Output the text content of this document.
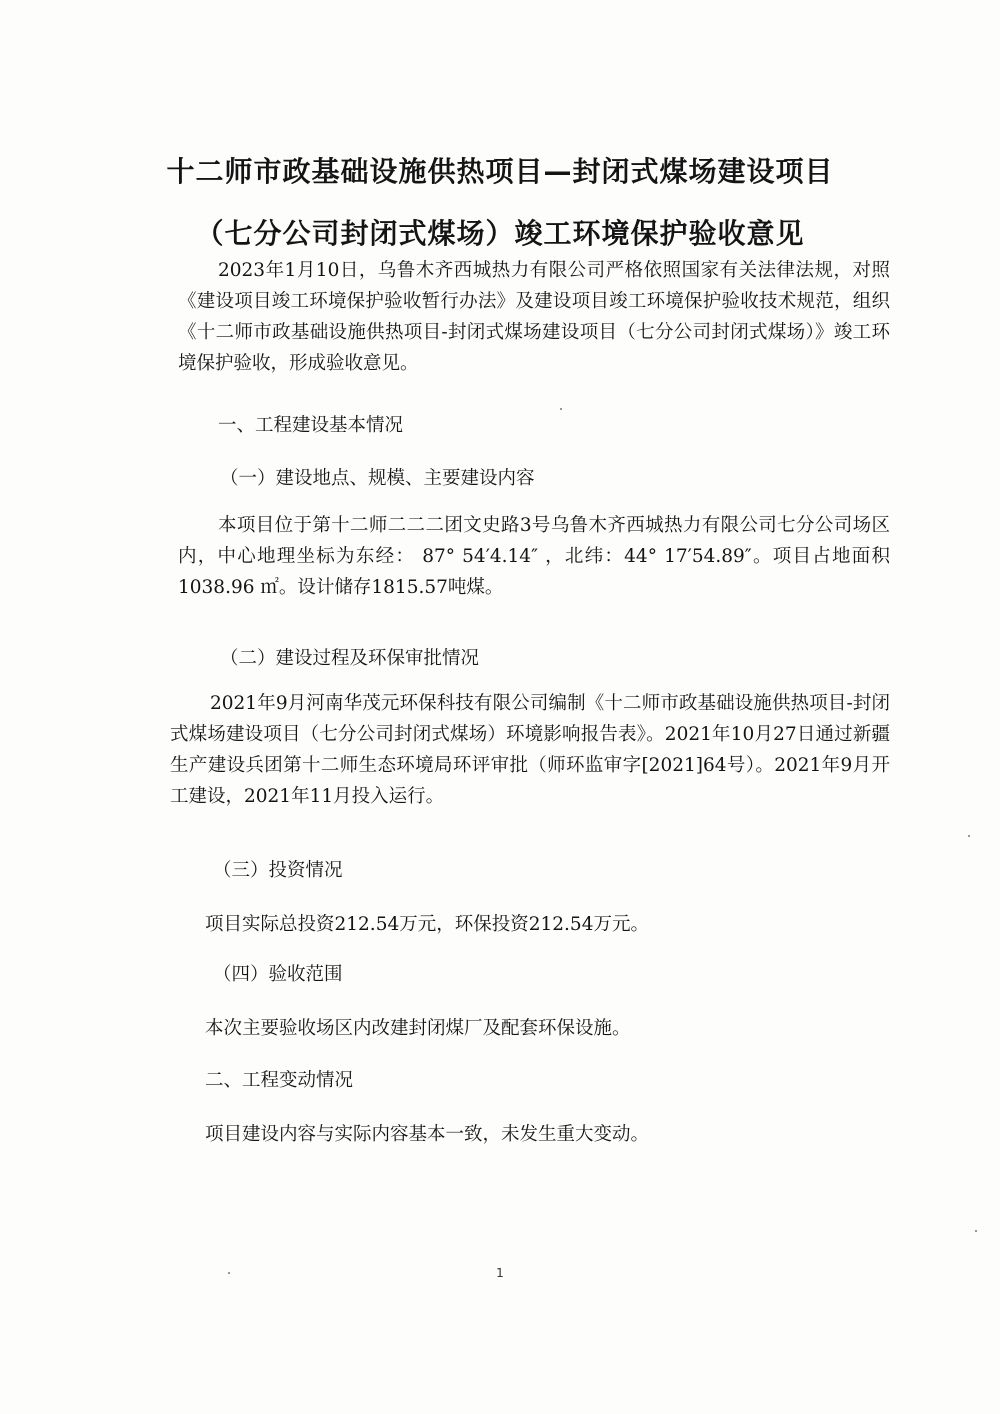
十二师市政基础设施供热项目—封闭式煤场建设项目
（七分公司封闭式煤场）竣工环境保护验收意见
2023年1月10日，乌鲁木齐西城热力有限公司严格依照国家有关法律法规，对照《建设项目竣工环境保护验收暂行办法》及建设项目竣工环境保护验收技术规范，组织《十二师市政基础设施供热项目-封闭式煤场建设项目（七分公司封闭式煤场）》竣工环境保护验收，形成验收意见。
一、工程建设基本情况
（一）建设地点、规模、主要建设内容
本项目位于第十二师二二二团文史路3号乌鲁木齐西城热力有限公司七分公司场区内，中心地理坐标为东经： 87° 54′4.14″ ，北纬：44° 17′54.89″。项目占地面积1038.96 ㎡。设计储存1815.57吨煤。
（二）建设过程及环保审批情况
2021年9月河南华茂元环保科技有限公司编制《十二师市政基础设施供热项目-封闭式煤场建设项目（七分公司封闭式煤场）环境影响报告表》。2021年10月27日通过新疆生产建设兵团第十二师生态环境局环评审批（师环监审字[2021]64号）。2021年9月开工建设，2021年11月投入运行。
（三）投资情况
项目实际总投资212.54万元，环保投资212.54万元。
（四）验收范围
本次主要验收场区内改建封闭煤厂及配套环保设施。
二、工程变动情况
项目建设内容与实际内容基本一致，未发生重大变动。
1
